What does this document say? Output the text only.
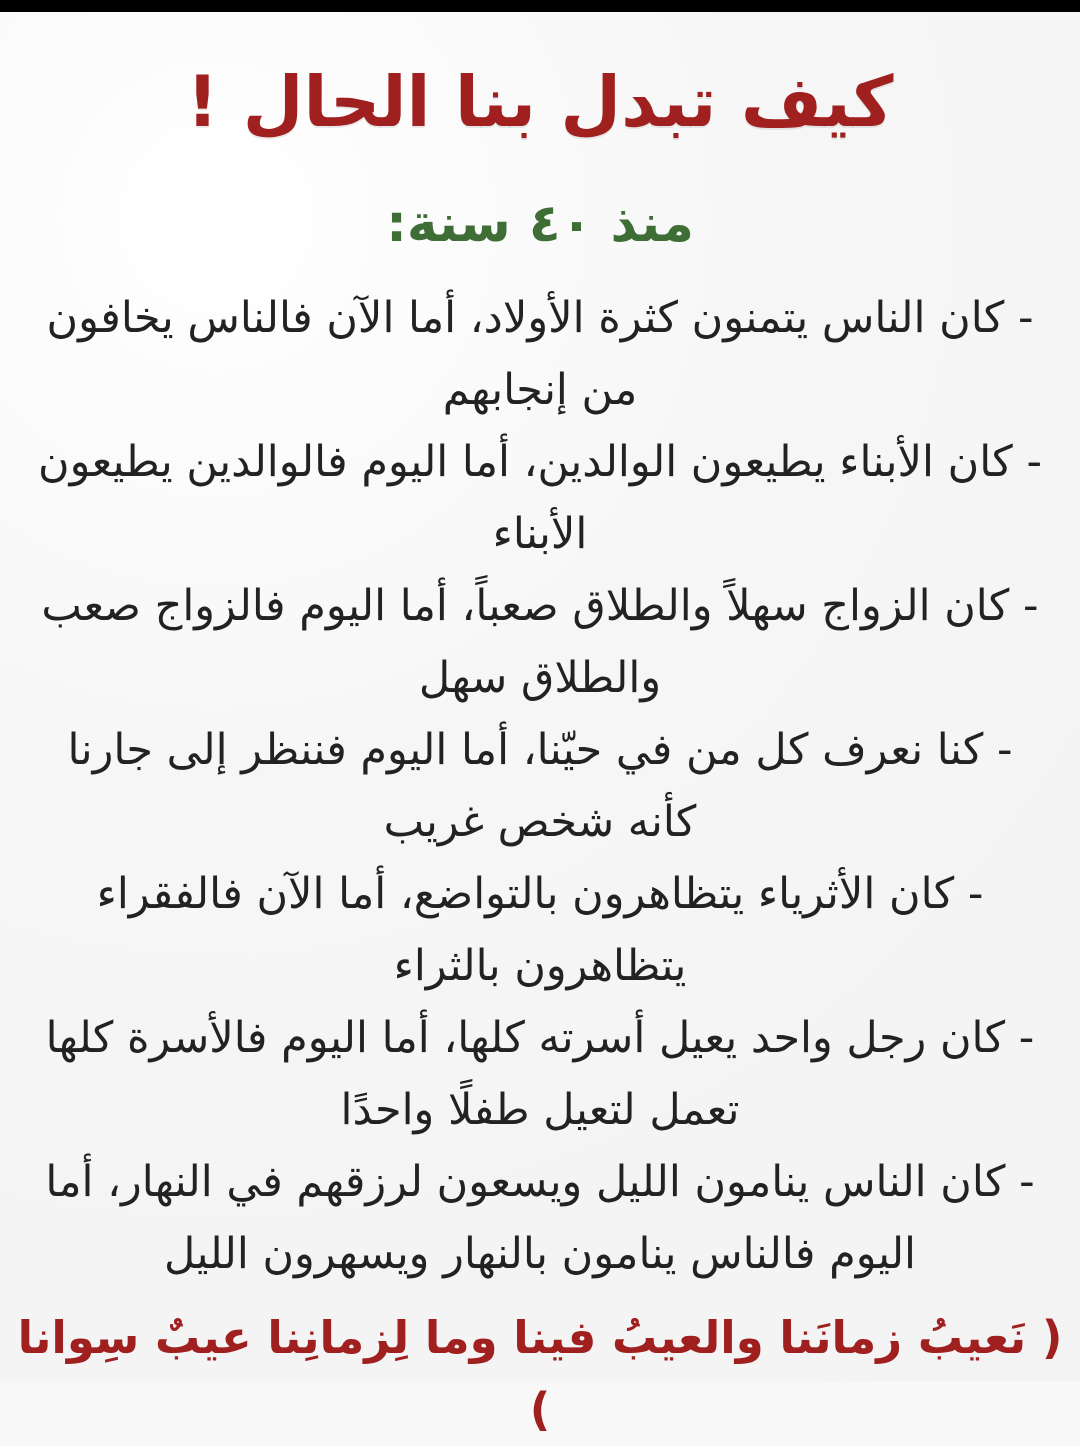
كيف تبدل بنا الحال !
منذ ٤٠ سنة:
- كان الناس يتمنون كثرة الأولاد، أما الآن فالناس يخافون من إنجابهم
- كان الأبناء يطيعون الوالدين، أما اليوم فالوالدين يطيعون الأبناء
- كان الزواج سهلاً والطلاق صعباً، أما اليوم فالزواج صعب والطلاق سهل
- كنا نعرف كل من في حيّنا، أما اليوم فننظر إلى جارنا كأنه شخص غريب
- كان الأثرياء يتظاهرون بالتواضع، أما الآن فالفقراء يتظاهرون بالثراء
- كان رجل واحد يعيل أسرته كلها، أما اليوم فالأسرة كلها تعمل لتعيل طفلًا واحدًا
- كان الناس ينامون الليل ويسعون لرزقهم في النهار، أما اليوم فالناس ينامون بالنهار ويسهرون الليل
( نَعيبُ زمانَنا والعيبُ فينا وما لِزمانِنا عيبٌ سِوانا )
